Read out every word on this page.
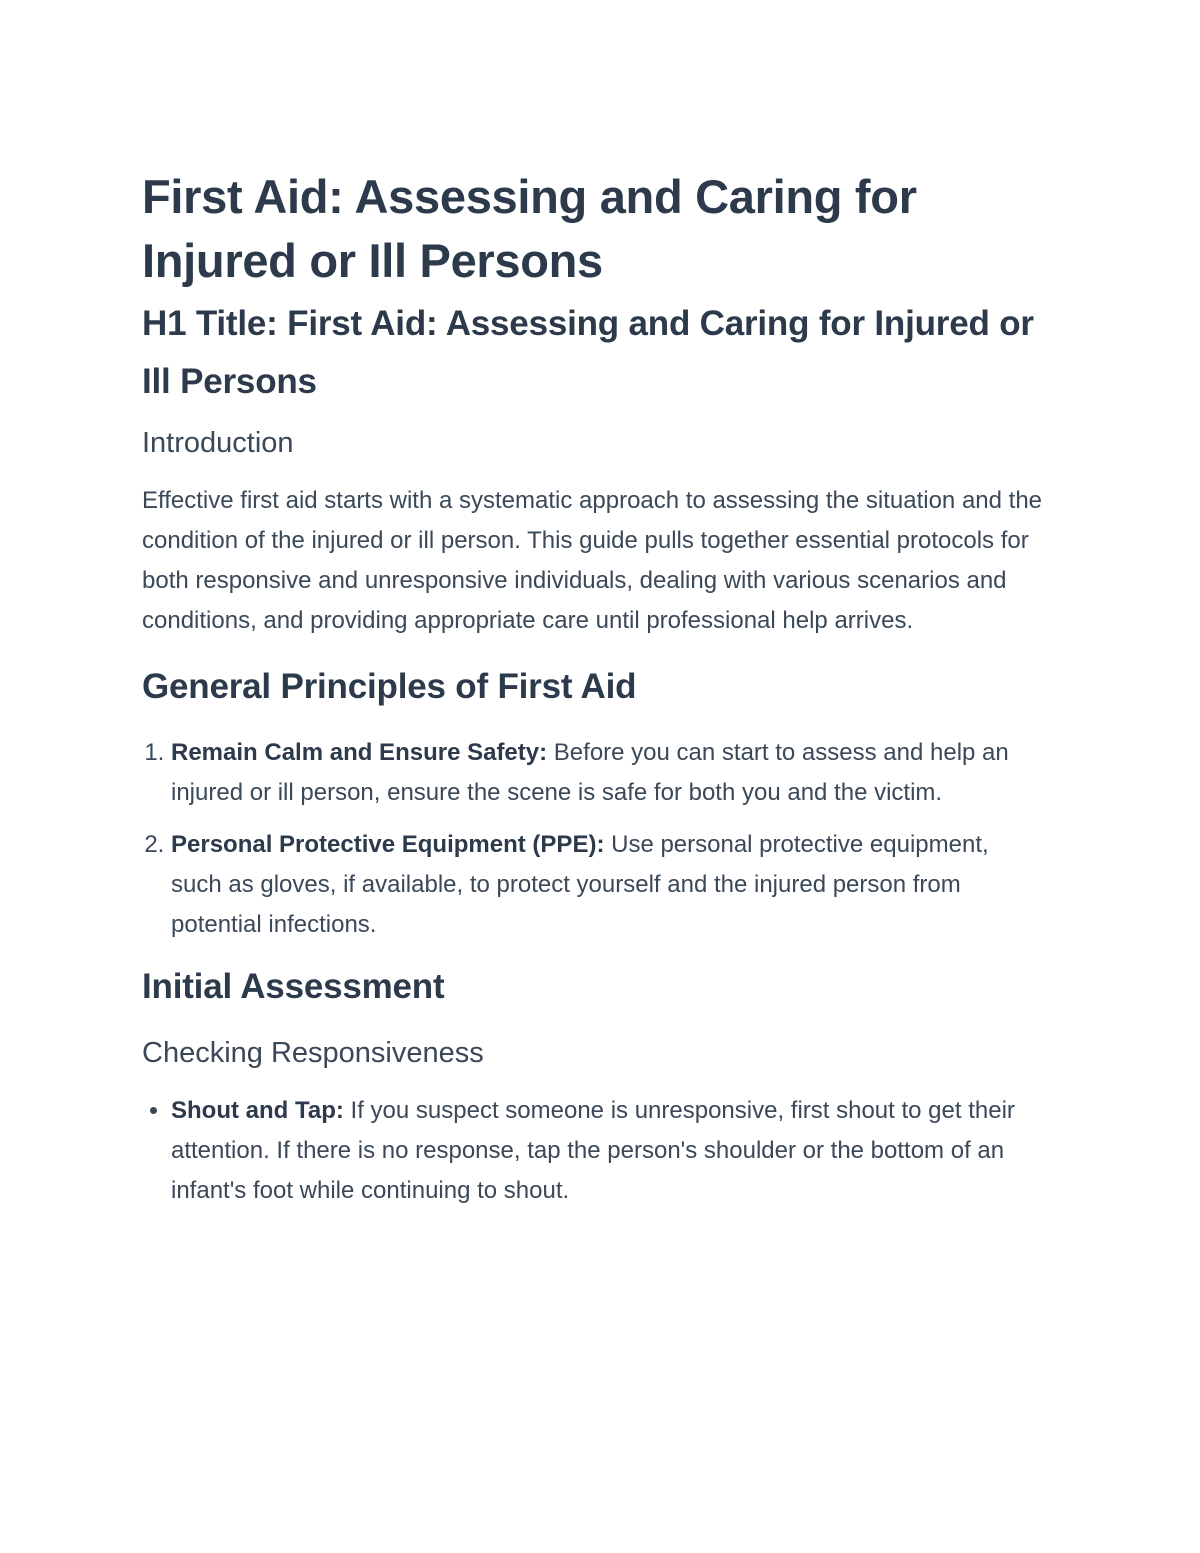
First Aid: Assessing and Caring for Injured or Ill Persons
H1 Title: First Aid: Assessing and Caring for Injured or Ill Persons
Introduction

Effective first aid starts with a systematic approach to assessing the situation and the condition of the injured or ill person. This guide pulls together essential protocols for both responsive and unresponsive individuals, dealing with various scenarios and conditions, and providing appropriate care until professional help arrives.

General Principles of First Aid
1. Remain Calm and Ensure Safety: Before you can start to assess and help an injured or ill person, ensure the scene is safe for both you and the victim.
2. Personal Protective Equipment (PPE): Use personal protective equipment, such as gloves, if available, to protect yourself and the injured person from potential infections.
Initial Assessment
Checking Responsiveness
• Shout and Tap: If you suspect someone is unresponsive, first shout to get their attention. If there is no response, tap the person's shoulder or the bottom of an infant's foot while continuing to shout.
